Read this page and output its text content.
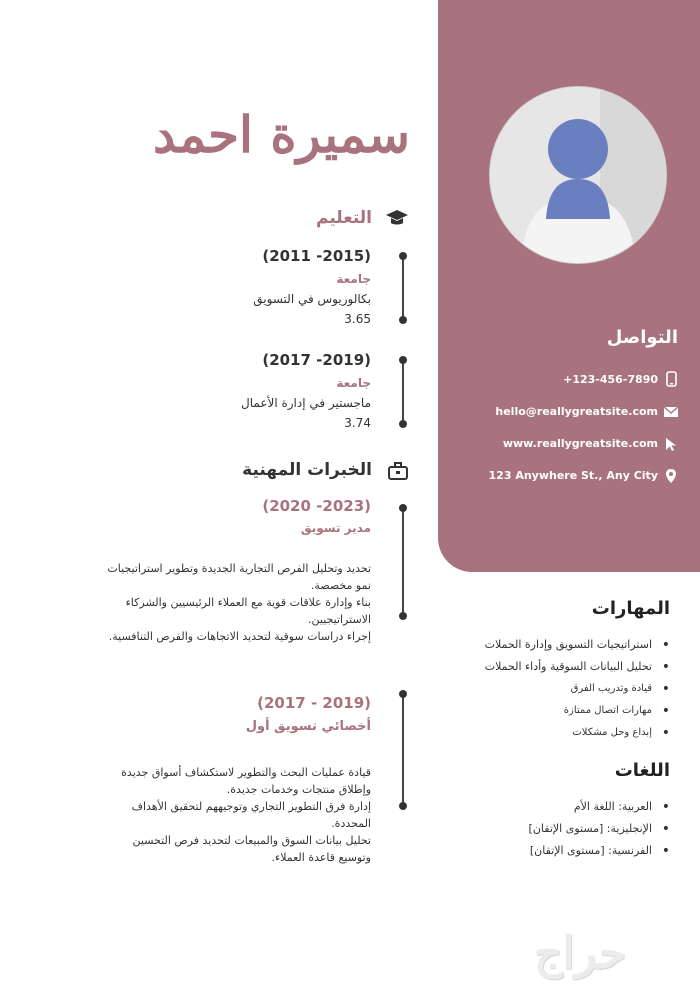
سميرة احمد
التعليم
(2015- 2011)
جامعة
بكالوريوس في التسويق
3.65
(2019- 2017)
جامعة
ماجستير في إدارة الأعمال
3.74
الخبرات المهنية
(2023- 2020)
مدير تسويق
تحديد وتحليل الفرص التجارية الجديدة وتطوير استراتيجيات
نمو مخصصة.
بناء وإدارة علاقات قوية مع العملاء الرئيسيين والشركاء
الاستراتيجيين.
إجراء دراسات سوقية لتحديد الاتجاهات والفرص التنافسية.
(2019 - 2017)
أخصائي تسويق أول
قيادة عمليات البحث والتطوير لاستكشاف أسواق جديدة
وإطلاق منتجات وخدمات جديدة.
إدارة فرق التطوير التجاري وتوجيههم لتحقيق الأهداف
المحددة.
تحليل بيانات السوق والمبيعات لتحديد فرص التحسين
وتوسيع قاعدة العملاء.
التواصل
+123-456-7890
hello@reallygreatsite.com
www.reallygreatsite.com
123 Anywhere St., Any City
المهارات
• استراتيجيات التسويق وإدارة الحملات
• تحليل البيانات السوقية وأداء الحملات
• قيادة وتدريب الفرق
• مهارات اتصال ممتازة
• إبداع وحل مشكلات
اللغات
• العربية: اللغة الأم
• الإنجليزية: [مستوى الإتقان]
• الفرنسية: [مستوى الإتقان]
حراج
